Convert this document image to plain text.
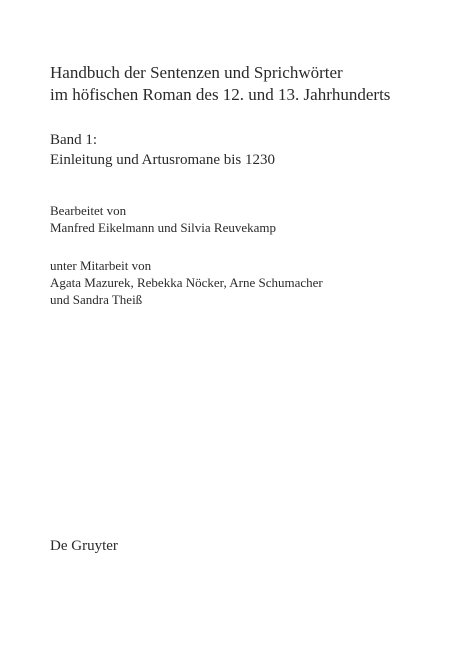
Handbuch der Sentenzen und Sprichwörter
im höfischen Roman des 12. und 13. Jahrhunderts
Band 1:
Einleitung und Artusromane bis 1230
Bearbeitet von
Manfred Eikelmann und Silvia Reuvekamp
unter Mitarbeit von
Agata Mazurek, Rebekka Nöcker, Arne Schumacher
und Sandra Theiß
De Gruyter
